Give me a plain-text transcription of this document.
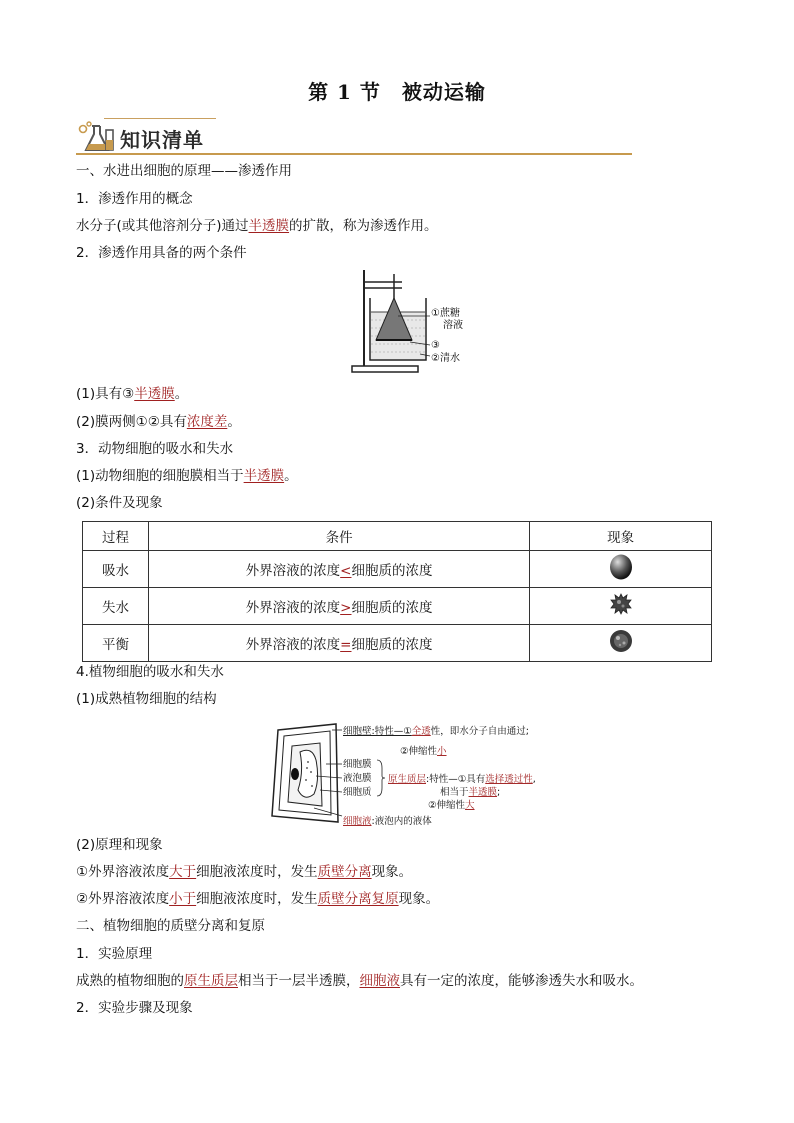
第 1 节　被动运输
知识清单
一、水进出细胞的原理——渗透作用
1．渗透作用的概念
水分子(或其他溶剂分子)通过半透膜的扩散，称为渗透作用。
2．渗透作用具备的两个条件
①蔗糖
溶液
③
②清水
(1)具有③半透膜。
(2)膜两侧①②具有浓度差。
3．动物细胞的吸水和失水
(1)动物细胞的细胞膜相当于半透膜。
(2)条件及现象
过程	条件	现象
吸水	外界溶液的浓度<细胞质的浓度	
失水	外界溶液的浓度>细胞质的浓度	
平衡	外界溶液的浓度=细胞质的浓度	
4.植物细胞的吸水和失水
(1)成熟植物细胞的结构
细胞壁:特性—①全透性，即水分子自由通过;
②伸缩性小
细胞膜
液泡膜
细胞质
原生质层:特性—①具有选择透过性,
相当于半透膜;
②伸缩性大
细胞液:液泡内的液体
(2)原理和现象
①外界溶液浓度大于细胞液浓度时，发生质壁分离现象。
②外界溶液浓度小于细胞液浓度时，发生质壁分离复原现象。
二、植物细胞的质壁分离和复原
1．实验原理
成熟的植物细胞的原生质层相当于一层半透膜，细胞液具有一定的浓度，能够渗透失水和吸水。
2．实验步骤及现象
